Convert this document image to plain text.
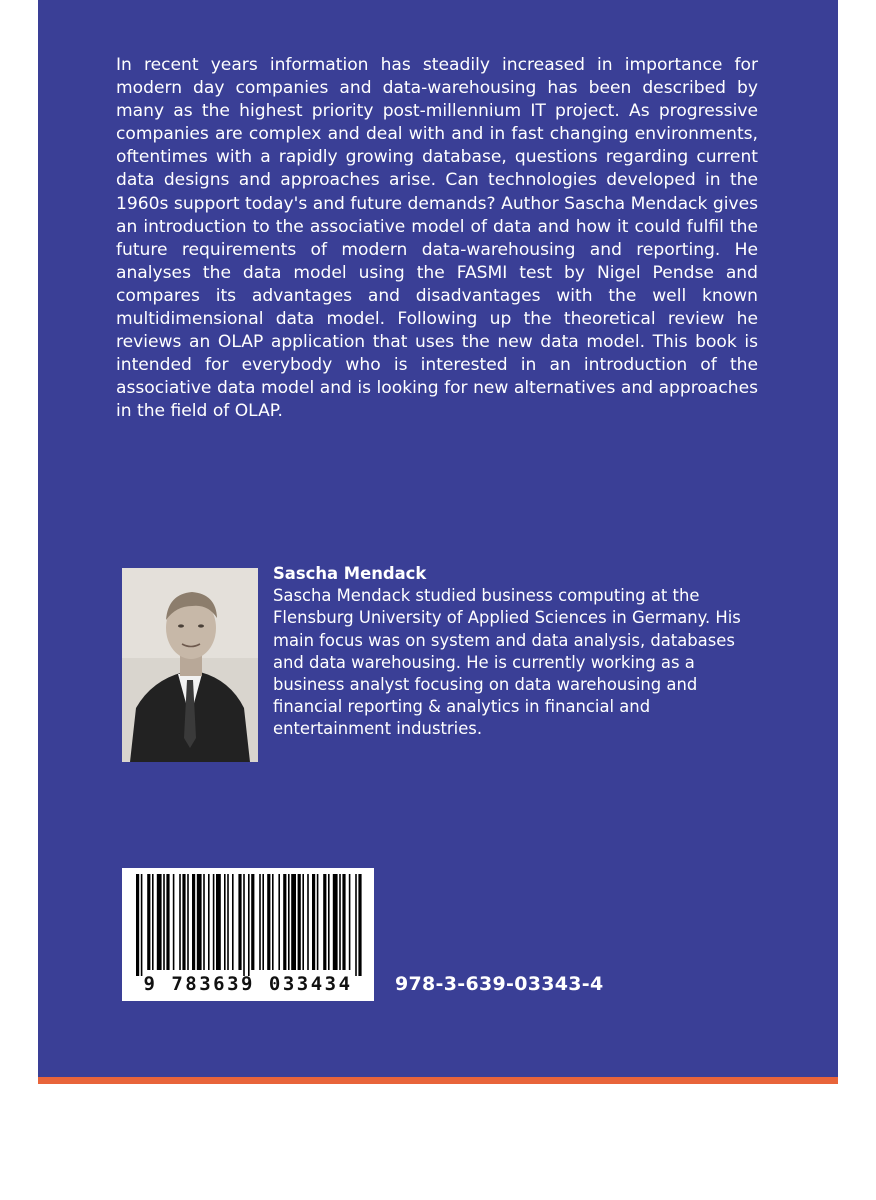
In recent years information has steadily increased in importance for modern day companies and data-warehousing has been described by many as the highest priority post-millennium IT project. As progressive companies are complex and deal with and in fast changing environments, oftentimes with a rapidly growing database, questions regarding current data designs and approaches arise. Can technologies developed in the 1960s support today's and future demands? Author Sascha Mendack gives an introduction to the associative model of data and how it could fulfil the future requirements of modern data-warehousing and reporting. He analyses the data model using the FASMI test by Nigel Pendse and compares its advantages and disadvantages with the well known multidimensional data model. Following up the theoretical review he reviews an OLAP application that uses the new data model. This book is intended for everybody who is interested in an introduction of the associative data model and is looking for new alternatives and approaches in the field of OLAP.

Sascha Mendack
Sascha Mendack studied business computing at the Flensburg University of Applied Sciences in Germany. His main focus was on system and data analysis, databases and data warehousing. He is currently working as a business analyst focusing on data warehousing and financial reporting & analytics in financial and entertainment industries.
9 783639 033434	978-3-639-03343-4
